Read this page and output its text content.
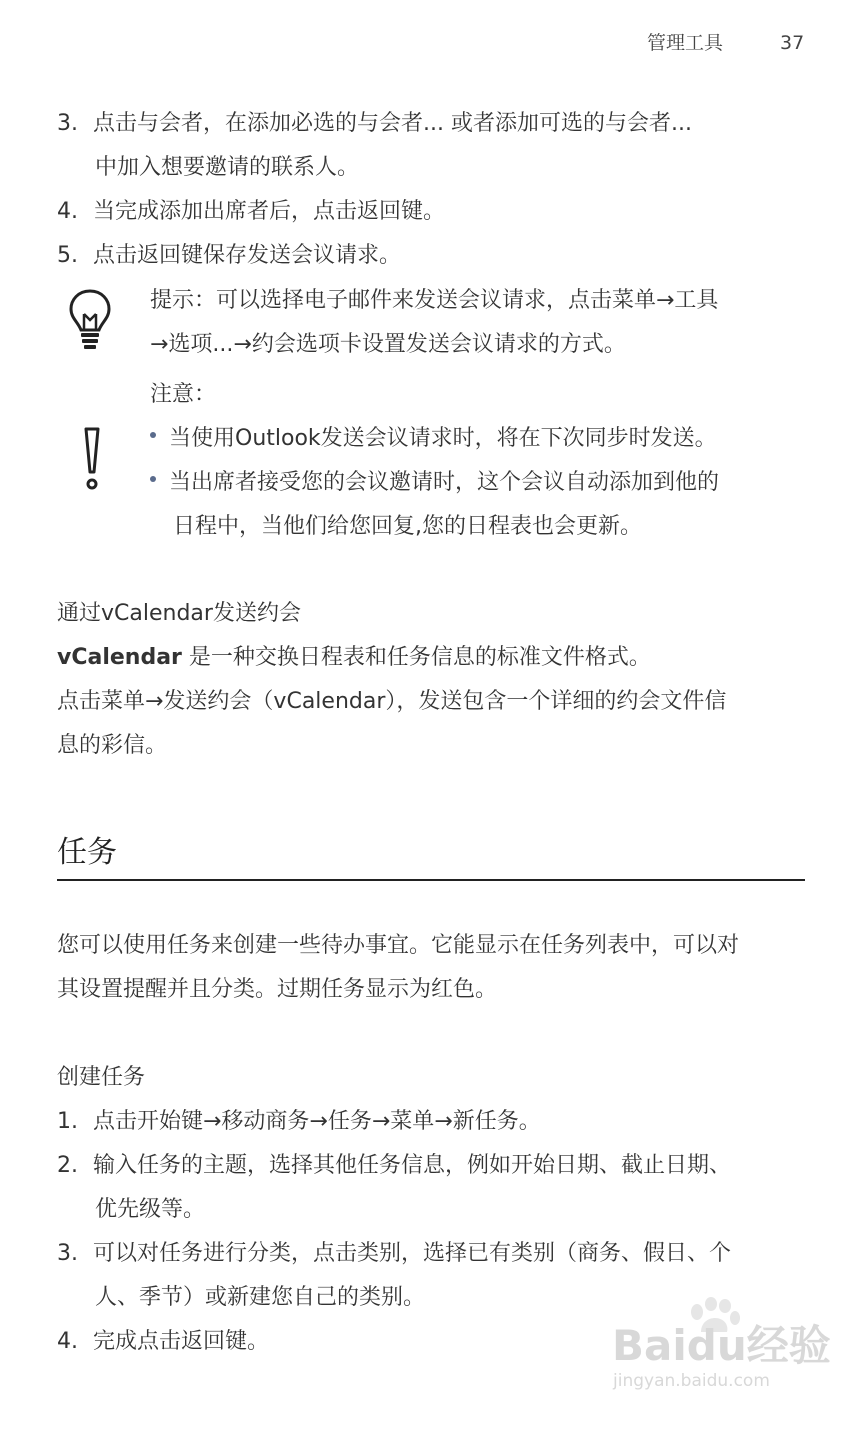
管理工具	37
3. 点击与会者，在添加必选的与会者... 或者添加可选的与会者...
中加入想要邀请的联系人。
4. 当完成添加出席者后，点击返回键。
5. 点击返回键保存发送会议请求。
提示：可以选择电子邮件来发送会议请求，点击菜单→工具
→选项...→约会选项卡设置发送会议请求的方式。
注意：
当使用Outlook发送会议请求时，将在下次同步时发送。
当出席者接受您的会议邀请时，这个会议自动添加到他的
日程中，当他们给您回复,您的日程表也会更新。
通过vCalendar发送约会
vCalendar 是一种交换日程表和任务信息的标准文件格式。
点击菜单→发送约会（vCalendar），发送包含一个详细的约会文件信
息的彩信。
任务
您可以使用任务来创建一些待办事宜。它能显示在任务列表中，可以对
其设置提醒并且分类。过期任务显示为红色。
创建任务
1. 点击开始键→移动商务→任务→菜单→新任务。
2. 输入任务的主题，选择其他任务信息，例如开始日期、截止日期、
优先级等。
3. 可以对任务进行分类，点击类别，选择已有类别（商务、假日、个
人、季节）或新建您自己的类别。
4. 完成点击返回键。	Baidu经验
jingyan.baidu.com
